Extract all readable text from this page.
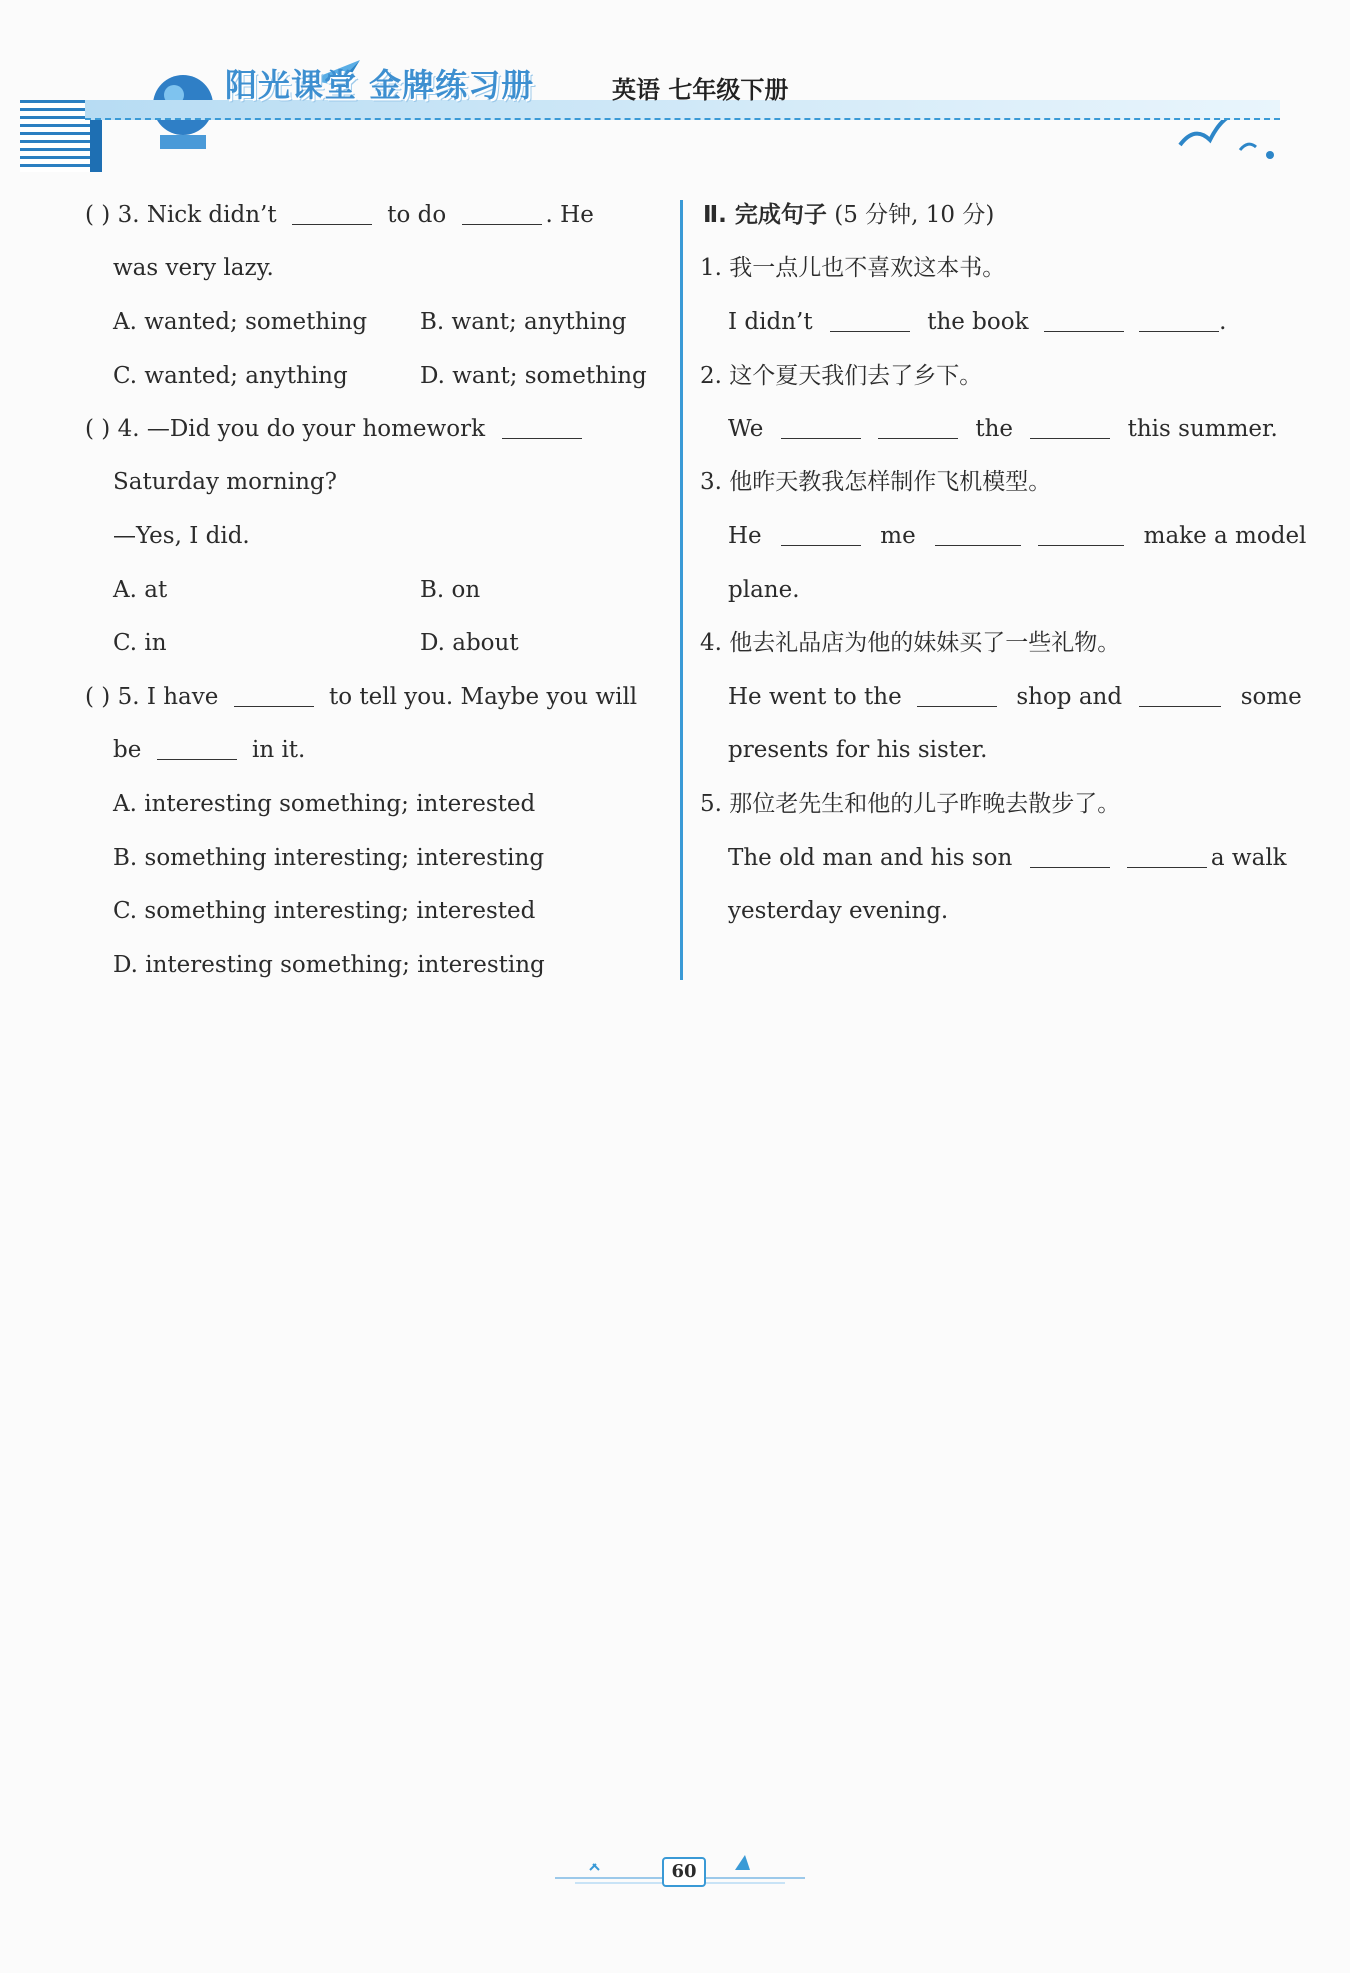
阳光课堂 金牌练习册	英语 七年级下册
( ) 3. Nick didn’t	to do	. He
was very lazy.
A. wanted; something B. want; anything
C. wanted; anything	D. want; something
( ) 4. —Did you do your homework
Saturday morning?
—Yes, I did.
A. at	B. on
C. in	D. about
( ) 5. I have	to tell you. Maybe you will
be	in it.
A. interesting something; interested
B. something interesting; interesting
C. something interesting; interested
D. interesting something; interesting
Ⅱ. 完成句子 (5 分钟, 10 分)
1. 我一点儿也不喜欢这本书。
I didn’t	the book	.
2. 这个夏天我们去了乡下。
We	the	this summer.
3. 他昨天教我怎样制作飞机模型。
He	me	make a model
plane.
4. 他去礼品店为他的妹妹买了一些礼物。
He went to the	shop and	some
presents for his sister.
5. 那位老先生和他的儿子昨晚去散步了。
The old man and his son	a walk
yesterday evening.
60
